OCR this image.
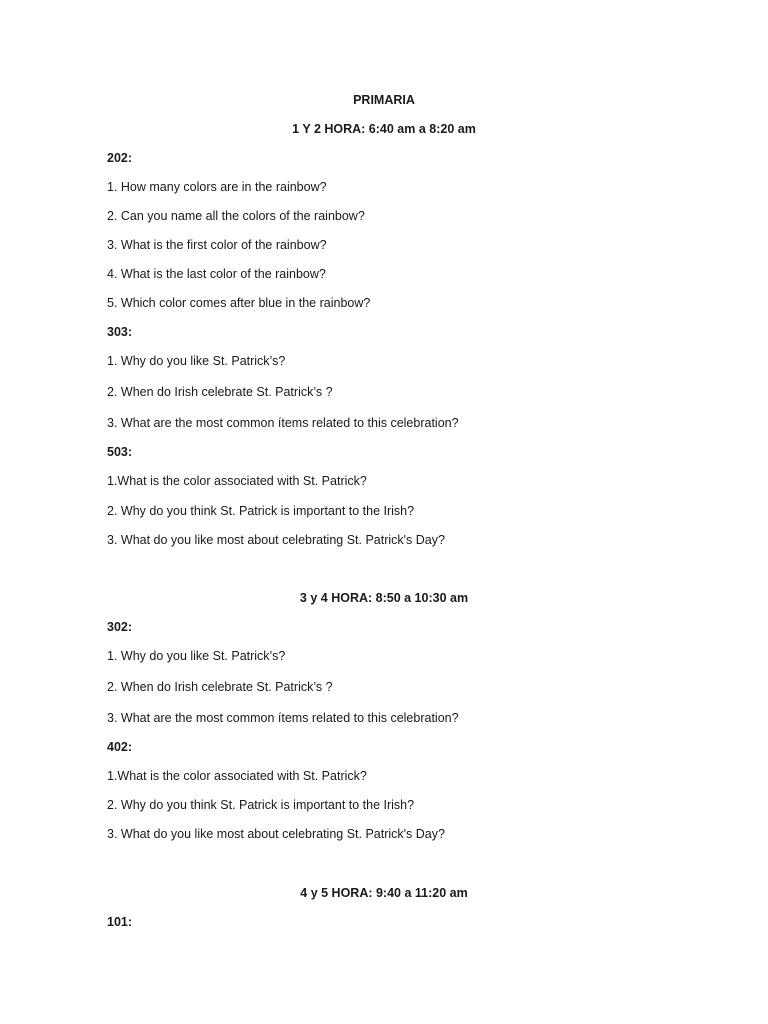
PRIMARIA

1 Y 2 HORA: 6:40 am a 8:20 am

202:

1. How many colors are in the rainbow?

2. Can you name all the colors of the rainbow?

3. What is the first color of the rainbow?

4. What is the last color of the rainbow?

5. Which color comes after blue in the rainbow?

303:

1. Why do you like St. Patrick’s?

2. When do Irish celebrate St. Patrick’s ?

3. What are the most common ítems related to this celebration?

503:

1.What is the color associated with St. Patrick?

2. Why do you think St. Patrick is important to the Irish?

3. What do you like most about celebrating St. Patrick's Day?

3 y 4 HORA: 8:50 a 10:30 am

302:

1. Why do you like St. Patrick’s?

2. When do Irish celebrate St. Patrick’s ?

3. What are the most common ítems related to this celebration?

402:

1.What is the color associated with St. Patrick?

2. Why do you think St. Patrick is important to the Irish?

3. What do you like most about celebrating St. Patrick's Day?

4 y 5 HORA: 9:40 a 11:20 am

101:
